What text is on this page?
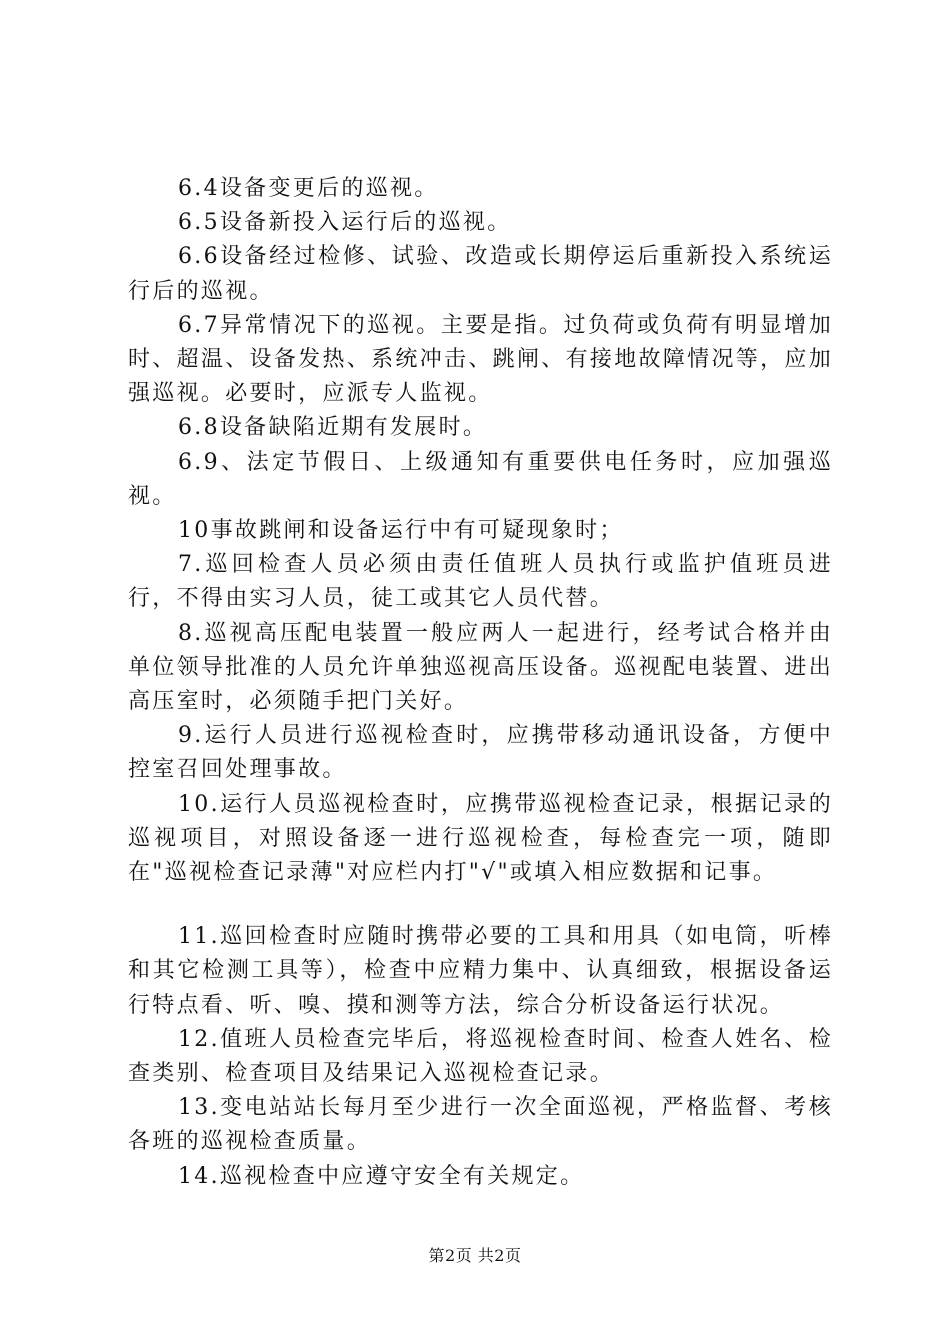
6.4设备变更后的巡视。

6.5设备新投入运行后的巡视。

6.6设备经过检修、试验、改造或长期停运后重新投入系统运行后的巡视。

6.7异常情况下的巡视。主要是指。过负荷或负荷有明显增加时、超温、设备发热、系统冲击、跳闸、有接地故障情况等，应加强巡视。必要时，应派专人监视。

6.8设备缺陷近期有发展时。

6.9、法定节假日、上级通知有重要供电任务时，应加强巡视。

10事故跳闸和设备运行中有可疑现象时；

7.巡回检查人员必须由责任值班人员执行或监护值班员进行，不得由实习人员，徒工或其它人员代替。

8.巡视高压配电装置一般应两人一起进行，经考试合格并由单位领导批准的人员允许单独巡视高压设备。巡视配电装置、进出高压室时，必须随手把门关好。

9.运行人员进行巡视检查时，应携带移动通讯设备，方便中控室召回处理事故。

10.运行人员巡视检查时，应携带巡视检查记录，根据记录的巡视项目，对照设备逐一进行巡视检查，每检查完一项，随即在"巡视检查记录薄"对应栏内打"√"或填入相应数据和记事。

11.巡回检查时应随时携带必要的工具和用具（如电筒，听棒和其它检测工具等），检查中应精力集中、认真细致，根据设备运行特点看、听、嗅、摸和测等方法，综合分析设备运行状况。

12.值班人员检查完毕后，将巡视检查时间、检查人姓名、检查类别、检查项目及结果记入巡视检查记录。

13.变电站站长每月至少进行一次全面巡视，严格监督、考核各班的巡视检查质量。

14.巡视检查中应遵守安全有关规定。

第2页 共2页
